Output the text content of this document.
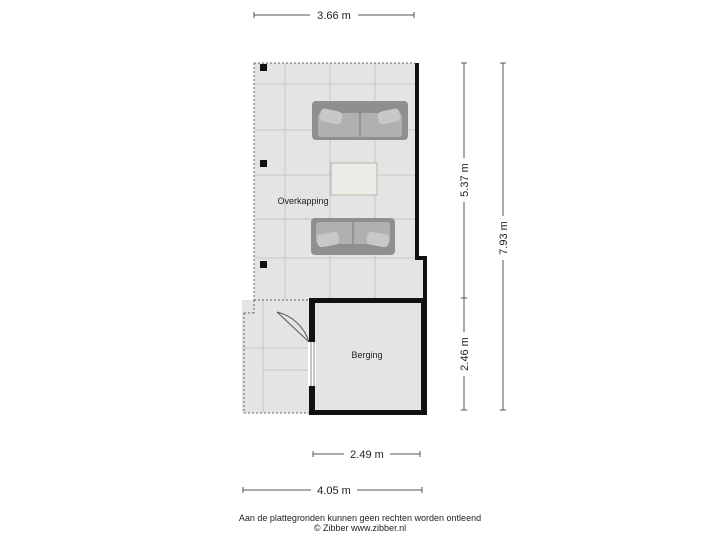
Overkapping
Berging
3.66 m
5.37 m
2.46 m
7.93 m
2.49 m
4.05 m
Aan de plattegronden kunnen geen rechten worden ontleend
© Zibber www.zibber.nl
